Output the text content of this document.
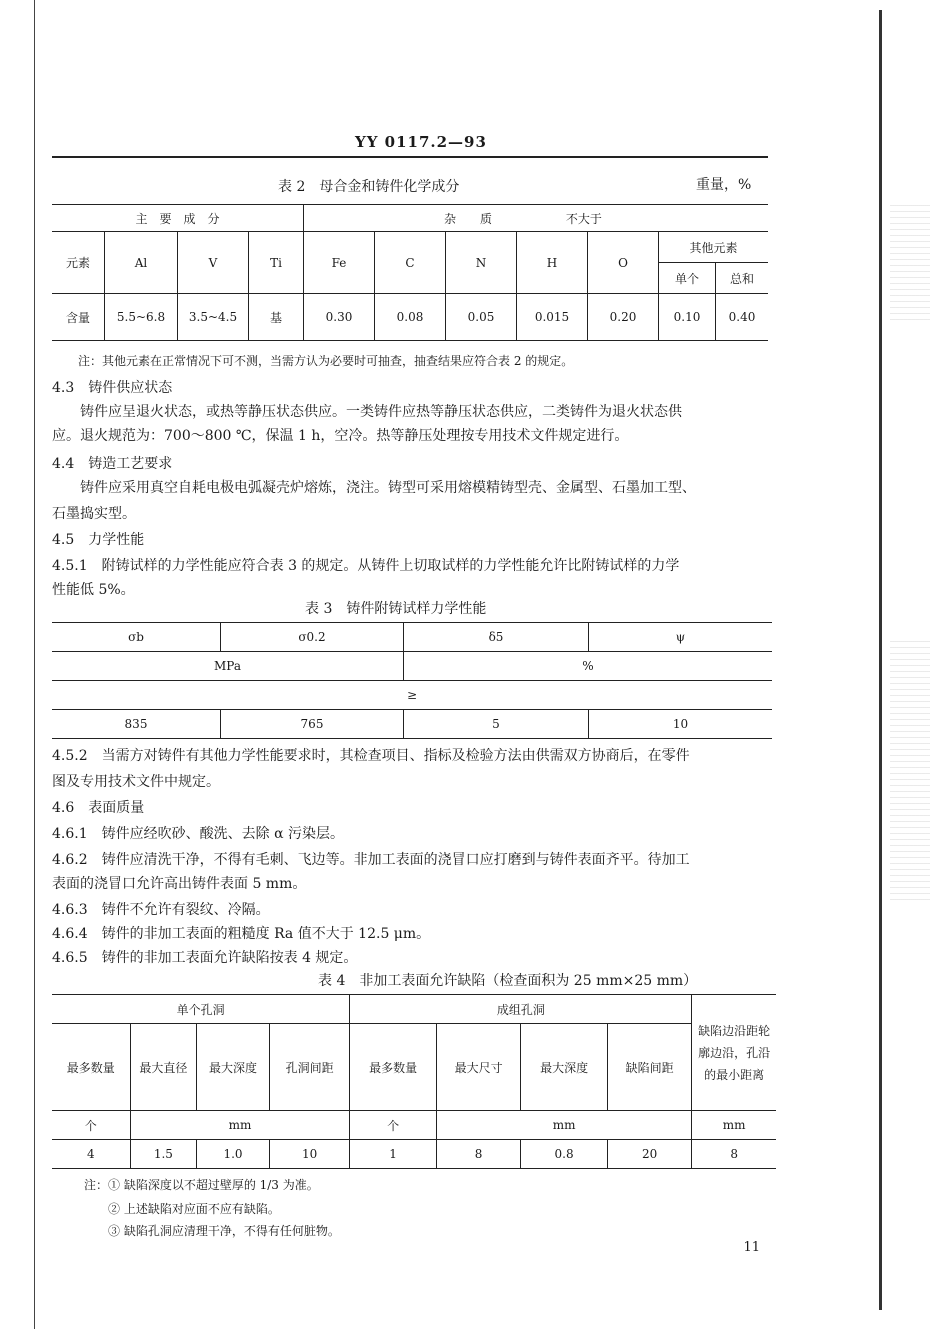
YY 0117.2—93
表 2　母合金和铸件化学成分	重量，%
主　要　成　分				杂　　质 不大于						
元素	Al	V	Ti	Fe	C	N	H	O	其他元素	
									单个	总和
含量	5.5~6.8	3.5~4.5	基	0.30	0.08	0.05	0.015	0.20	0.10	0.40
注：其他元素在正常情况下可不测，当需方认为必要时可抽查，抽查结果应符合表 2 的规定。
4.3　铸件供应状态
铸件应呈退火状态，或热等静压状态供应。一类铸件应热等静压状态供应，二类铸件为退火状态供
应。退火规范为：700～800 ℃，保温 1 h，空冷。热等静压处理按专用技术文件规定进行。
4.4　铸造工艺要求
铸件应采用真空自耗电极电弧凝壳炉熔炼，浇注。铸型可采用熔模精铸型壳、金属型、石墨加工型、
石墨捣实型。
4.5　力学性能
4.5.1　附铸试样的力学性能应符合表 3 的规定。从铸件上切取试样的力学性能允许比附铸试样的力学
性能低 5%。
表 3　铸件附铸试样力学性能
σb	σ0.2	δ5	ψ
MPa		%	
≥			
835	765	5	10
4.5.2　当需方对铸件有其他力学性能要求时，其检查项目、指标及检验方法由供需双方协商后，在零件
图及专用技术文件中规定。
4.6　表面质量
4.6.1　铸件应经吹砂、酸洗、去除 α 污染层。
4.6.2　铸件应清洗干净，不得有毛刺、飞边等。非加工表面的浇冒口应打磨到与铸件表面齐平。待加工
表面的浇冒口允许高出铸件表面 5 mm。
4.6.3　铸件不允许有裂纹、冷隔。
4.6.4　铸件的非加工表面的粗糙度 Ra 值不大于 12.5 μm。
4.6.5　铸件的非加工表面允许缺陷按表 4 规定。
表 4　非加工表面允许缺陷（检查面积为 25 mm×25 mm）
单个孔洞				成组孔洞				缺陷边沿距轮廓边沿，孔沿的最小距离
最多数量	最大直径	最大深度	孔洞间距	最多数量	最大尺寸	最大深度	缺陷间距	
个	mm			个	mm			mm
4	1.5	1.0	10	1	8	0.8	20	8
注：① 缺陷深度以不超过壁厚的 1/3 为准。
② 上述缺陷对应面不应有缺陷。
③ 缺陷孔洞应清理干净，不得有任何脏物。
11
